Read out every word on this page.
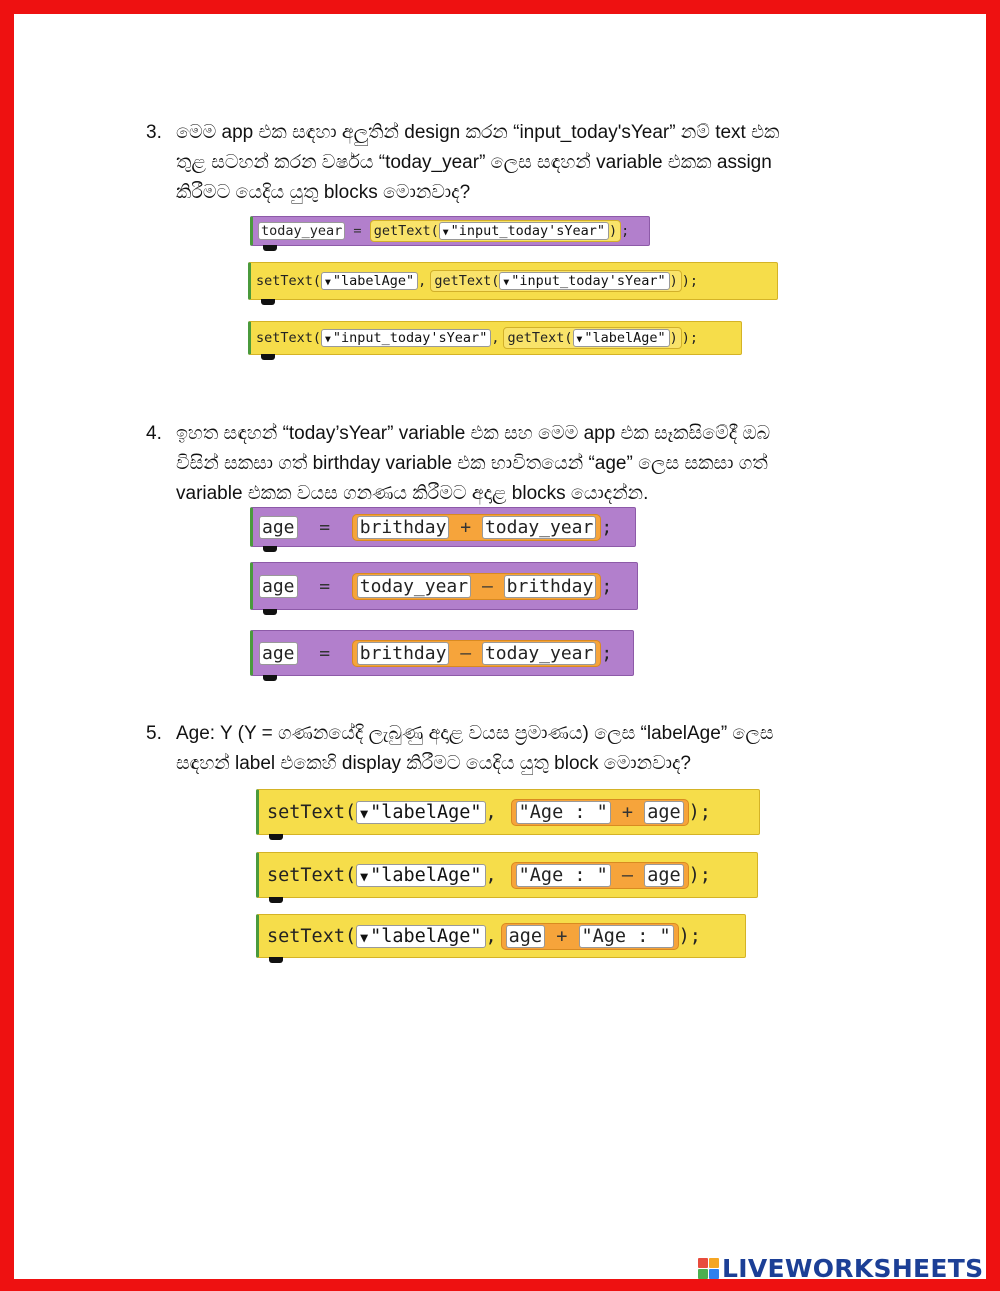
3. මෙම app එක සඳහා අලුතින් design කරන “input_today'sYear” නම් text එක
තුළ සටහන් කරන වර්ෂය “today_year” ලෙස සඳහන් variable එකක assign
කිරීමට යෙදිය යුතු blocks මොනවාද?
today_year = getText( ▼ "input_today'sYear" ) ;
setText( ▼ "labelAge" , getText( ▼ "input_today'sYear" ) );
setText( ▼ "input_today'sYear" , getText( ▼ "labelAge" ) );
4. ඉහත සඳහන් “today’sYear” variable එක සහ මෙම app එක සෑකසිමේදී ඔබ
විසින් සකසා ගත් birthday variable එක භාවිතයෙන් “age” ලෙස සකසා ගත්
variable එකක වයස ගනණය කිරීමට අදාළ blocks යොදන්න.
age	=	brithday + today_year ;
age	=	today_year – brithday ;
age	=	brithday – today_year ;
5. Age: Y (Y = ගණනයේදි ලැබුණු අදාළ වයස ප්‍රමාණය) ලෙස “labelAge” ලෙස
සඳහන් label එකෙහි display කිරීමට යෙදිය යුතු block මොනවාද?
setText( ▼ "labelAge" , "Age : " + age );
setText( ▼ "labelAge" , "Age : " – age );
setText( ▼ "labelAge" , age + "Age : " );
LIVEWORKSHEETS
